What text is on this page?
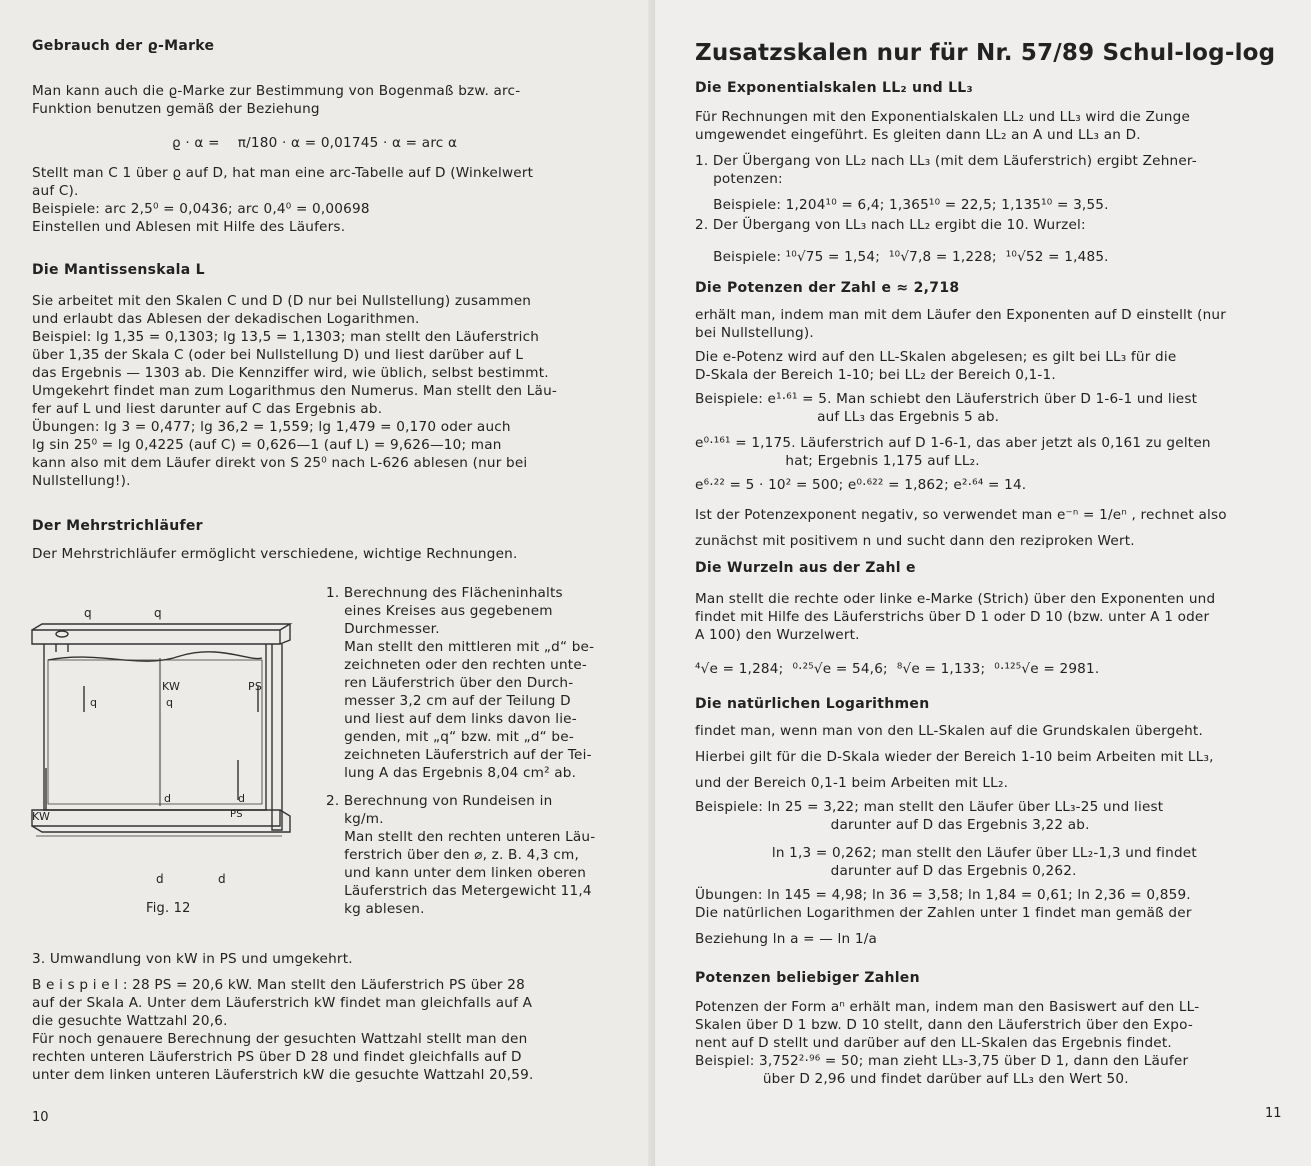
Gebrauch der ϱ-Marke
Man kann auch die ϱ-Marke zur Bestimmung von Bogenmaß bzw. arc-
Funktion benutzen gemäß der Beziehung
ϱ · α =    π/180 · α = 0,01745 · α = arc α
Stellt man C 1 über ϱ auf D, hat man eine arc-Tabelle auf D (Winkelwert
auf C).
Beispiele: arc 2,5⁰ = 0,0436; arc 0,4⁰ = 0,00698
Einstellen und Ablesen mit Hilfe des Läufers.
Die Mantissenskala L
Sie arbeitet mit den Skalen C und D (D nur bei Nullstellung) zusammen
und erlaubt das Ablesen der dekadischen Logarithmen.
Beispiel: lg 1,35 = 0,1303; lg 13,5 = 1,1303; man stellt den Läuferstrich
über 1,35 der Skala C (oder bei Nullstellung D) und liest darüber auf L
das Ergebnis — 1303 ab. Die Kennziffer wird, wie üblich, selbst bestimmt.
Umgekehrt findet man zum Logarithmus den Numerus. Man stellt den Läu-
fer auf L und liest darunter auf C das Ergebnis ab.
Übungen: lg 3 = 0,477; lg 36,2 = 1,559; lg 1,479 = 0,170 oder auch
lg sin 25⁰ = lg 0,4225 (auf C) = 0,626—1 (auf L) = 9,626—10; man
kann also mit dem Läufer direkt von S 25⁰ nach L-626 ablesen (nur bei
Nullstellung!).
Der Mehrstrichläufer
Der Mehrstrichläufer ermöglicht verschiedene, wichtige Rechnungen.
1. Berechnung des Flächeninhalts
eines Kreises aus gegebenem
Durchmesser.
Man stellt den mittleren mit „d“ be-
zeichneten oder den rechten unte-
ren Läuferstrich über den Durch-
messer 3,2 cm auf der Teilung D
und liest auf dem links davon lie-
genden, mit „q“ bzw. mit „d“ be-
zeichneten Läuferstrich auf der Tei-
lung A das Ergebnis 8,04 cm² ab.
2. Berechnung von Rundeisen in
kg/m.
Man stellt den rechten unteren Läu-
ferstrich über den ⌀, z. B. 4,3 cm,
und kann unter dem linken oberen
Läuferstrich das Metergewicht 11,4
kg ablesen.
q	q
KW
q
q
PS
d	d
PS
KW
d	d
Fig. 12
3. Umwandlung von kW in PS und umgekehrt.
B e i s p i e l : 28 PS = 20,6 kW. Man stellt den Läuferstrich PS über 28
auf der Skala A. Unter dem Läuferstrich kW findet man gleichfalls auf A
die gesuchte Wattzahl 20,6.
Für noch genauere Berechnung der gesuchten Wattzahl stellt man den
rechten unteren Läuferstrich PS über D 28 und findet gleichfalls auf D
unter dem linken unteren Läuferstrich kW die gesuchte Wattzahl 20,59.
10
Zusatzskalen nur für Nr. 57/89 Schul-log-log
Die Exponentialskalen LL₂ und LL₃
Für Rechnungen mit den Exponentialskalen LL₂ und LL₃ wird die Zunge
umgewendet eingeführt. Es gleiten dann LL₂ an A und LL₃ an D.
1. Der Übergang von LL₂ nach LL₃ (mit dem Läuferstrich) ergibt Zehner-
potenzen:
Beispiele: 1,204¹⁰ = 6,4; 1,365¹⁰ = 22,5; 1,135¹⁰ = 3,55.
2. Der Übergang von LL₃ nach LL₂ ergibt die 10. Wurzel:
Beispiele: ¹⁰√75 = 1,54;  ¹⁰√7,8 = 1,228;  ¹⁰√52 = 1,485.
Die Potenzen der Zahl e ≈ 2,718
erhält man, indem man mit dem Läufer den Exponenten auf D einstellt (nur
bei Nullstellung).
Die e-Potenz wird auf den LL-Skalen abgelesen; es gilt bei LL₃ für die
D-Skala der Bereich 1-10; bei LL₂ der Bereich 0,1-1.
Beispiele: e¹·⁶¹ = 5. Man schiebt den Läuferstrich über D 1-6-1 und liest
auf LL₃ das Ergebnis 5 ab.
e⁰·¹⁶¹ = 1,175. Läuferstrich auf D 1-6-1, das aber jetzt als 0,161 zu gelten
hat; Ergebnis 1,175 auf LL₂.
e⁶·²² = 5 · 10² = 500; e⁰·⁶²² = 1,862; e²·⁶⁴ = 14.
Ist der Potenzexponent negativ, so verwendet man e⁻ⁿ = 1/eⁿ , rechnet also
zunächst mit positivem n und sucht dann den reziproken Wert.
Die Wurzeln aus der Zahl e
Man stellt die rechte oder linke e-Marke (Strich) über den Exponenten und
findet mit Hilfe des Läuferstrichs über D 1 oder D 10 (bzw. unter A 1 oder
A 100) den Wurzelwert.
⁴√e = 1,284;  ⁰·²⁵√e = 54,6;  ⁸√e = 1,133;  ⁰·¹²⁵√e = 2981.
Die natürlichen Logarithmen
findet man, wenn man von den LL-Skalen auf die Grundskalen übergeht.
Hierbei gilt für die D-Skala wieder der Bereich 1-10 beim Arbeiten mit LL₃,
und der Bereich 0,1-1 beim Arbeiten mit LL₂.
Beispiele: ln 25 = 3,22; man stellt den Läufer über LL₃-25 und liest
darunter auf D das Ergebnis 3,22 ab.
ln 1,3 = 0,262; man stellt den Läufer über LL₂-1,3 und findet
darunter auf D das Ergebnis 0,262.
Übungen: ln 145 = 4,98; ln 36 = 3,58; ln 1,84 = 0,61; ln 2,36 = 0,859.
Die natürlichen Logarithmen der Zahlen unter 1 findet man gemäß der
Beziehung ln a = — ln 1/a
Potenzen beliebiger Zahlen
Potenzen der Form aⁿ erhält man, indem man den Basiswert auf den LL-
Skalen über D 1 bzw. D 10 stellt, dann den Läuferstrich über den Expo-
nent auf D stellt und darüber auf den LL-Skalen das Ergebnis findet.
Beispiel: 3,752²·⁹⁶ = 50; man zieht LL₃-3,75 über D 1, dann den Läufer
über D 2,96 und findet darüber auf LL₃ den Wert 50.
11
